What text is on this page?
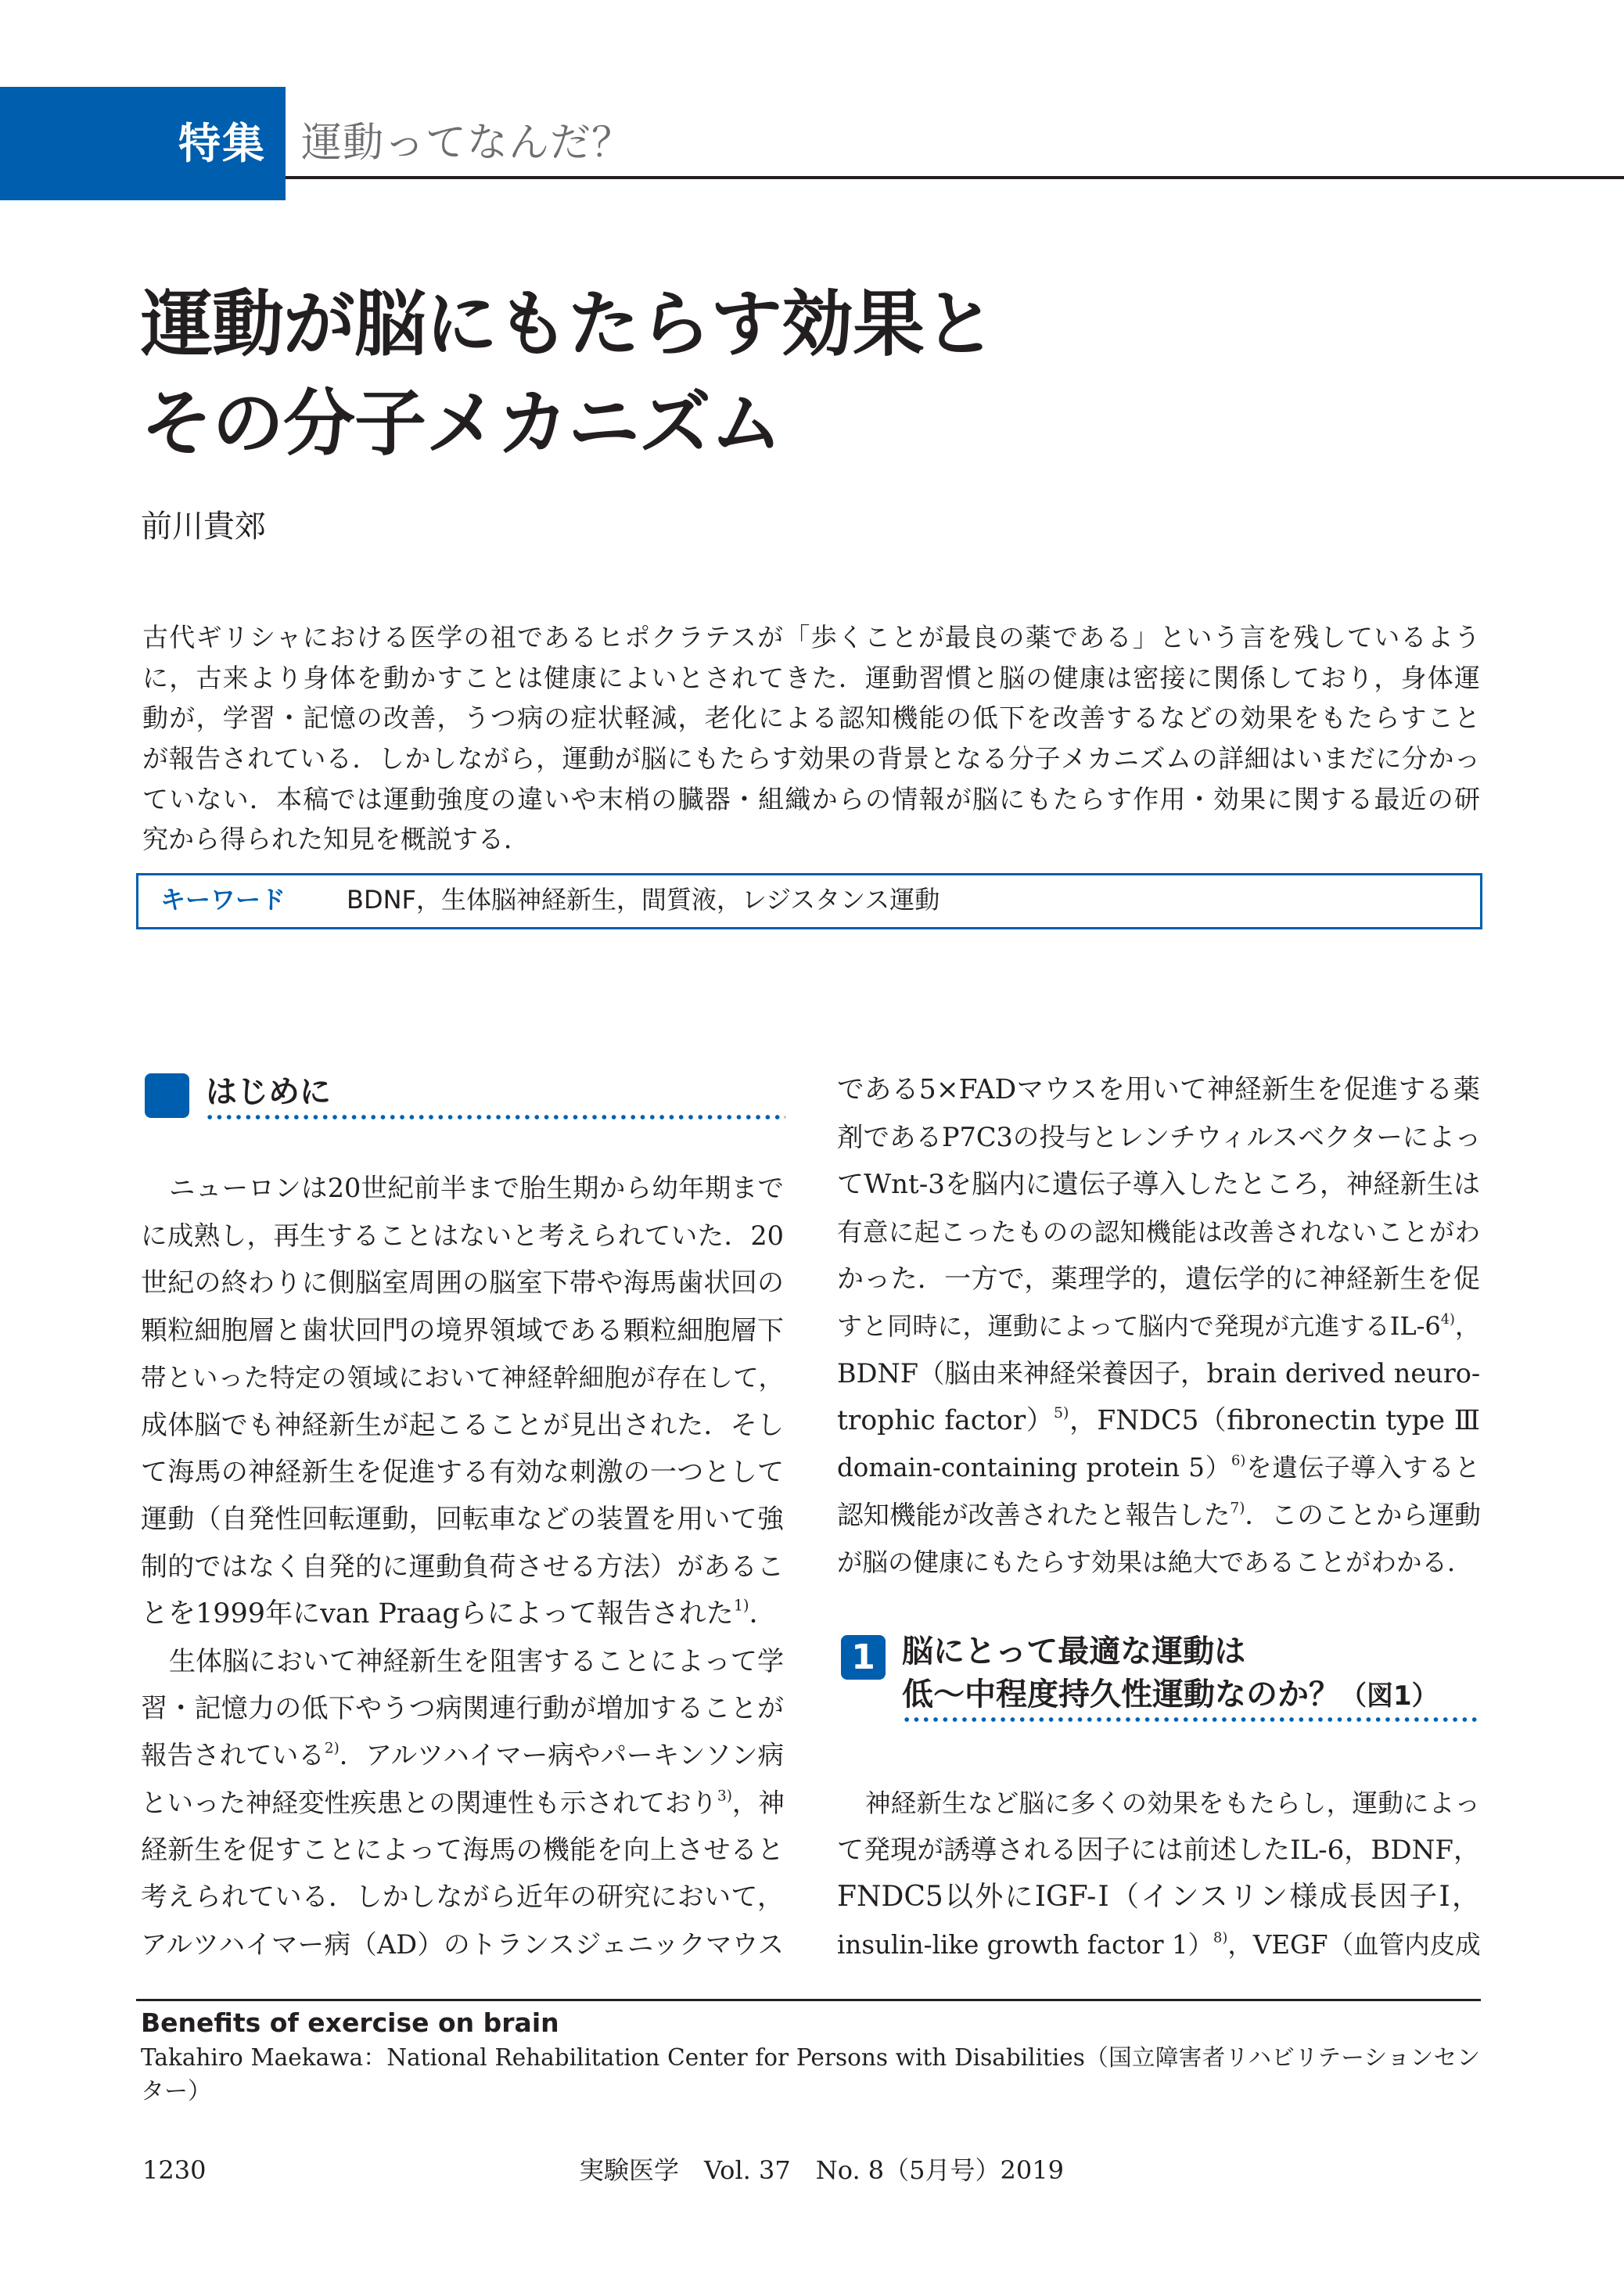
特集 運動ってなんだ？
運動が脳にもたらす効果と
その分子メカニズム
前川貴郊
古代ギリシャにおける医学の祖であるヒポクラテスが「歩くことが最良の薬である」という言を残しているよう
に，古来より身体を動かすことは健康によいとされてきた．運動習慣と脳の健康は密接に関係しており，身体運
動が，学習・記憶の改善，うつ病の症状軽減，老化による認知機能の低下を改善するなどの効果をもたらすこと
が報告されている．しかしながら，運動が脳にもたらす効果の背景となる分子メカニズムの詳細はいまだに分かっ
ていない．本稿では運動強度の違いや末梢の臓器・組織からの情報が脳にもたらす作用・効果に関する最近の研
究から得られた知見を概説する．
キーワード BDNF，生体脳神経新生，間質液，レジスタンス運動
はじめに
ニューロンは20世紀前半まで胎生期から幼年期まで
に成熟し，再生することはないと考えられていた．20
世紀の終わりに側脳室周囲の脳室下帯や海馬歯状回の
顆粒細胞層と歯状回門の境界領域である顆粒細胞層下
帯といった特定の領域において神経幹細胞が存在して，
成体脳でも神経新生が起こることが見出された．そし
て海馬の神経新生を促進する有効な刺激の一つとして
運動（自発性回転運動，回転車などの装置を用いて強
制的ではなく自発的に運動負荷させる方法）があるこ
とを1999年にvan Praagらによって報告された$^{1)}$．
生体脳において神経新生を阻害することによって学
習・記憶力の低下やうつ病関連行動が増加することが
報告されている$^{2)}$．アルツハイマー病やパーキンソン病
といった神経変性疾患との関連性も示されており$^{3)}$，神
経新生を促すことによって海馬の機能を向上させると
考えられている．しかしながら近年の研究において，
アルツハイマー病（AD）のトランスジェニックマウス
である5×FADマウスを用いて神経新生を促進する薬
剤であるP7C3の投与とレンチウィルスベクターによっ
てWnt-3を脳内に遺伝子導入したところ，神経新生は
有意に起こったものの認知機能は改善されないことがわ
かった．一方で，薬理学的，遺伝学的に神経新生を促
すと同時に，運動によって脳内で発現が亢進するIL-6$^{4)}$，
BDNF（脳由来神経栄養因子，brain derived neuro-
trophic factor）$^{5)}$，FNDC5（fibronectin type Ⅲ
domain-containing protein 5）$^{6)}$を遺伝子導入すると
認知機能が改善されたと報告した$^{7)}$．このことから運動
が脳の健康にもたらす効果は絶大であることがわかる．
1 脳にとって最適な運動は
低〜中程度持久性運動なのか？（図1）
神経新生など脳に多くの効果をもたらし，運動によっ
て発現が誘導される因子には前述したIL-6，BDNF，
FNDC5以外にIGF-Ⅰ（インスリン様成長因子Ⅰ，
insulin-like growth factor 1）$^{8)}$，VEGF（血管内皮成
Benefits of exercise on brain
Takahiro Maekawa：National Rehabilitation Center for Persons with Disabilities（国立障害者リハビリテーションセン
ター）
1230	実験医学　Vol. 37　No. 8（5月号）2019
